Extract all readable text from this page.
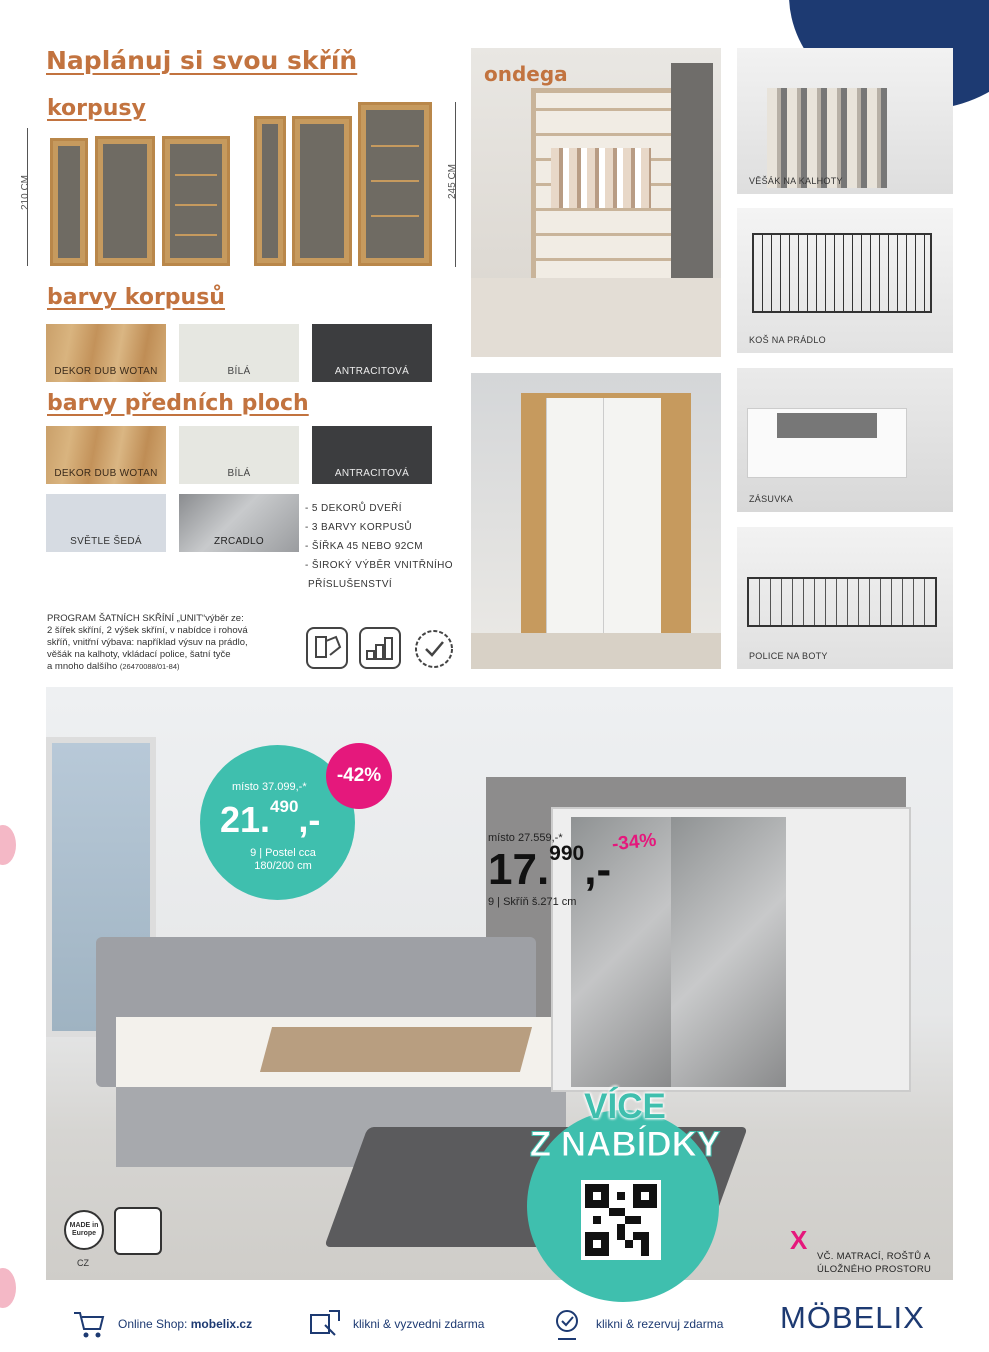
Naplánuj si svou skříň
korpusy
210 CM	245 CM
barvy korpusů
DEKOR DUB WOTAN	BÍLÁ	ANTRACITOVÁ
barvy předních ploch
DEKOR DUB WOTAN	BÍLÁ	ANTRACITOVÁ
SVĚTLE ŠEDÁ	ZRCADLO
- 5 DEKORŮ DVEŘÍ
- 3 BARVY KORPUSŮ
- ŠÍŘKA 45 NEBO 92CM
- ŠIROKÝ VÝBĚR VNITŘNÍHO
PŘÍSLUŠENSTVÍ
PROGRAM ŠATNÍCH SKŘÍNÍ „UNIT“výběr ze:
2 šířek skříní, 2 výšek skříní, v nabídce i rohová
skříň, vnitřní výbava: například výsuv na prádlo,
věšák na kalhoty, vkládací police, šatní tyče
a mnoho dalšího (26470088/01-84)
ondega
VĚŠÁK NA KALHOTY
KOŠ NA PRÁDLO
ZÁSUVKA
POLICE NA BOTY
místo 37.099,-*
21.$^{490}$,-
9 | Postel cca
180/200 cm
-42%
místo 27.559,-*
17.$^{990}$,-
-34%
9 | Skříň š.271 cm
VÍCE
Z NABÍDKY
MADE in Europe
CZ
X
VČ. MATRACÍ, ROŠTŮ A
ÚLOŽNÉHO PROSTORU
Online Shop: mobelix.cz	klikni & vyzvedni zdarma	klikni & rezervuj zdarma MÖBELIX
